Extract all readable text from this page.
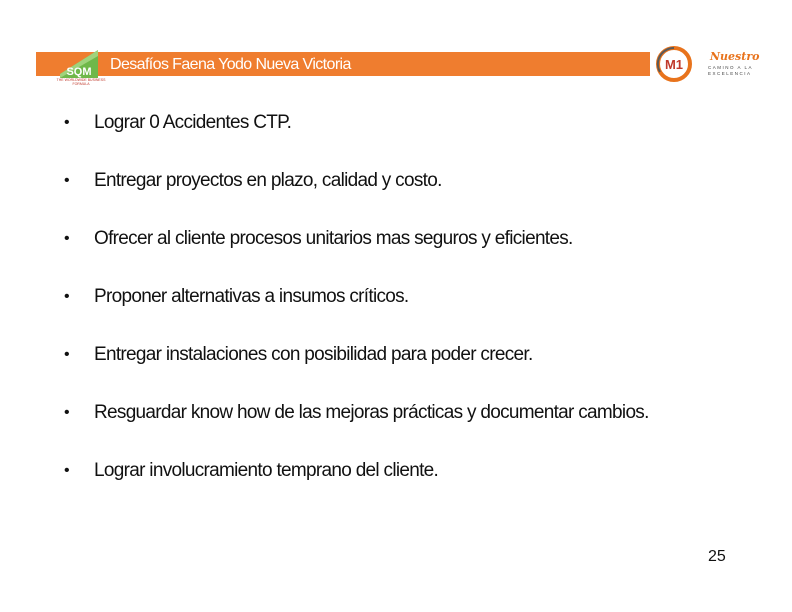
Desafíos Faena Yodo Nueva Victoria
SQM
THE WORLDWIDE BUSINESS FORMULA
M1
Nuestro
CAMINO A LA
EXCELENCIA
• Lograr 0 Accidentes CTP.
• Entregar proyectos en plazo, calidad y costo.
• Ofrecer al cliente procesos unitarios mas seguros y eficientes.
• Proponer alternativas a insumos críticos.
• Entregar instalaciones con posibilidad para poder crecer.
• Resguardar know how de las mejoras prácticas y documentar cambios.
• Lograr involucramiento temprano del cliente.
25
